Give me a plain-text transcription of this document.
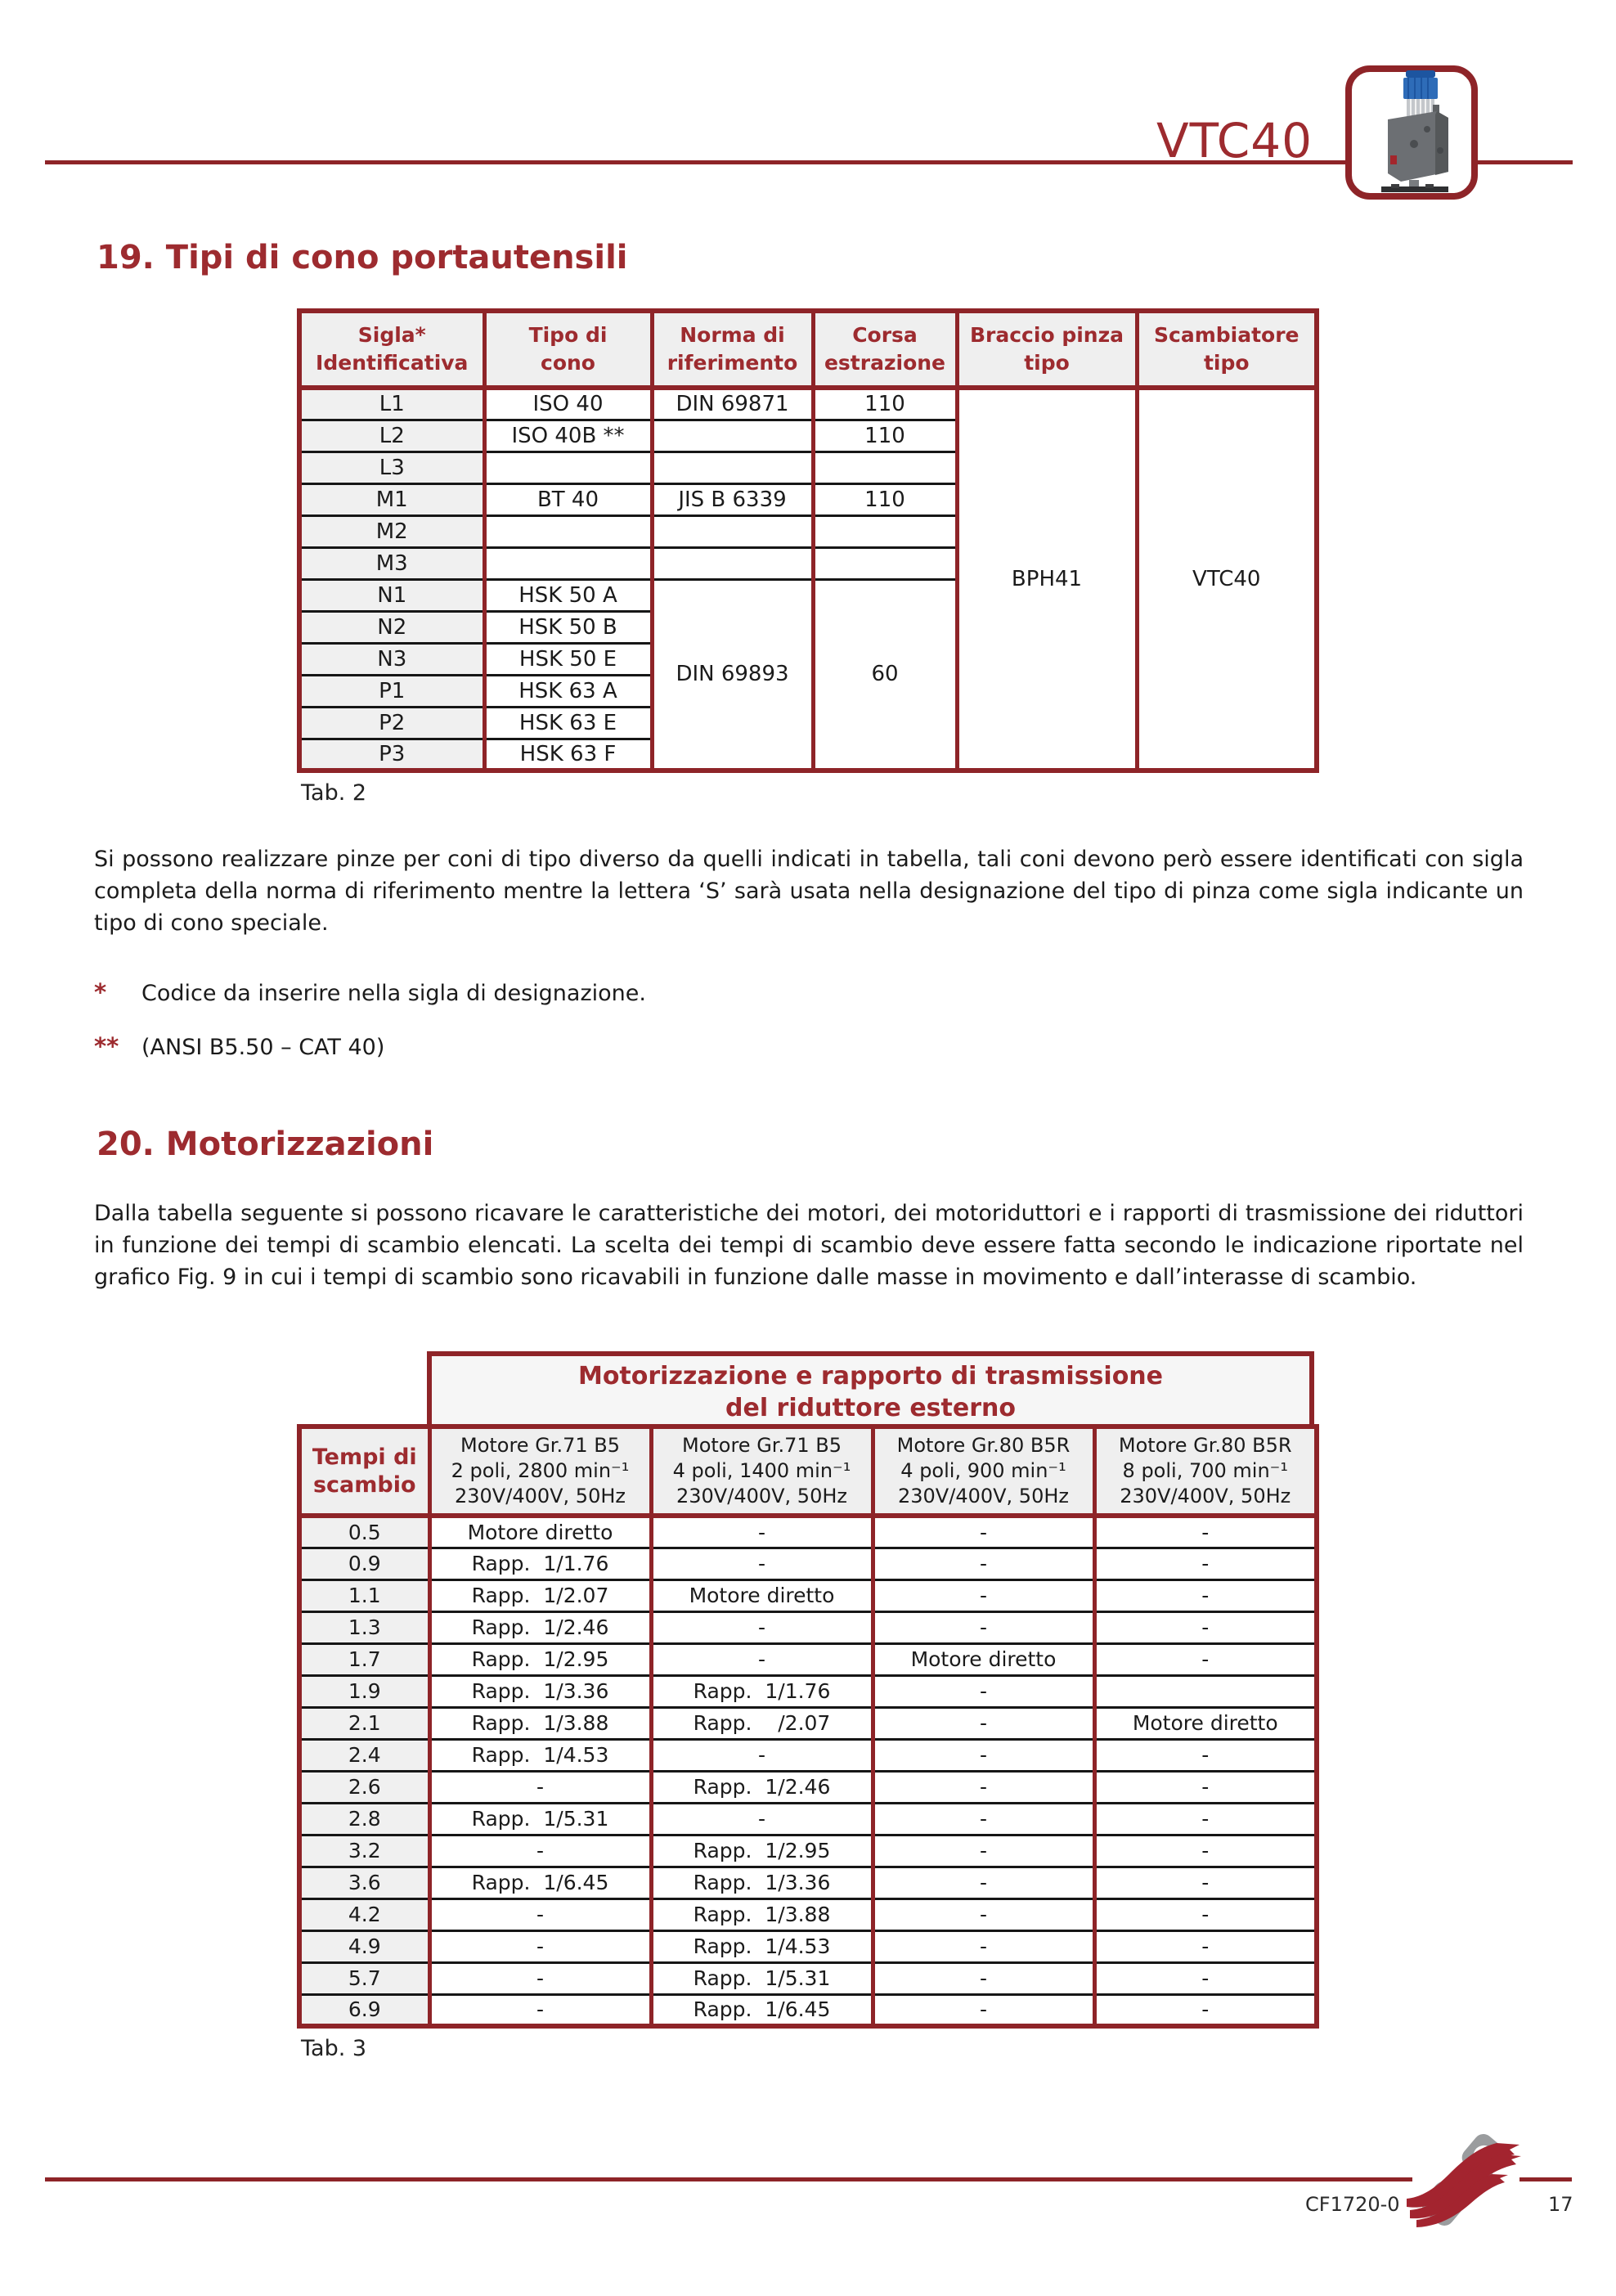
VTC40
19. Tipi di cono portautensili
Sigla*
Identificativa

Tipo di
cono

Norma di
riferimento

Corsa
estrazione

Braccio pinza
tipo

Scambiatore
tipo

L1	ISO 40	DIN 69871	110	BPH41	VTC40
L2	ISO 40B **		110		
L3					
M1	BT 40	JIS B 6339	110		
M2					
M3					
N1	HSK 50 A	DIN 69893	60		
N2	HSK 50 B				
N3	HSK 50 E				
P1	HSK 63 A				
P2	HSK 63 E				
P3	HSK 63 F				
Tab. 2

Si possono realizzare pinze per coni di tipo diverso da quelli indicati in tabella, tali coni devono però essere identificati con sigla completa della norma di riferimento mentre la lettera ‘S’ sarà usata nella designazione del tipo di pinza come sigla indicante un tipo di cono speciale.

*	Codice da inserire nella sigla di designazione.
**	(ANSI B5.50 – CAT 40)
20. Motorizzazioni

Dalla tabella seguente si possono ricavare le caratteristiche dei motori, dei motoriduttori e i rapporti di trasmissione dei riduttori in funzione dei tempi di scambio elencati. La scelta dei tempi di scambio deve essere fatta secondo le indicazione riportate nel grafico Fig. 9 in cui i tempi di scambio sono ricavabili in funzione dalle masse in movimento e dall’interasse di scambio.

Motorizzazione e rapporto di trasmissione
del riduttore esterno
Tempi di
scambio

Motore Gr.71 B5
2 poli, 2800 min⁻¹
230V/400V, 50Hz

Motore Gr.71 B5
4 poli, 1400 min⁻¹
230V/400V, 50Hz

Motore Gr.80 B5R
4 poli, 900 min⁻¹
230V/400V, 50Hz

Motore Gr.80 B5R
8 poli, 700 min⁻¹
230V/400V, 50Hz

0.5	Motore diretto	-	-	-
0.9	Rapp.  1/1.76	-	-	-
1.1	Rapp.  1/2.07	Motore diretto	-	-
1.3	Rapp.  1/2.46	-	-	-
1.7	Rapp.  1/2.95	-	Motore diretto	-
1.9	Rapp.  1/3.36	Rapp.  1/1.76	-	
2.1	Rapp.  1/3.88	Rapp.    /2.07	-	Motore diretto
2.4	Rapp.  1/4.53	-	-	-
2.6	-	Rapp.  1/2.46	-	-
2.8	Rapp.  1/5.31	-	-	-
3.2	-	Rapp.  1/2.95	-	-
3.6	Rapp.  1/6.45	Rapp.  1/3.36	-	-
4.2	-	Rapp.  1/3.88	-	-
4.9	-	Rapp.  1/4.53	-	-
5.7	-	Rapp.  1/5.31	-	-
6.9	-	Rapp.  1/6.45	-	-
Tab. 3
CF1720-0	17
